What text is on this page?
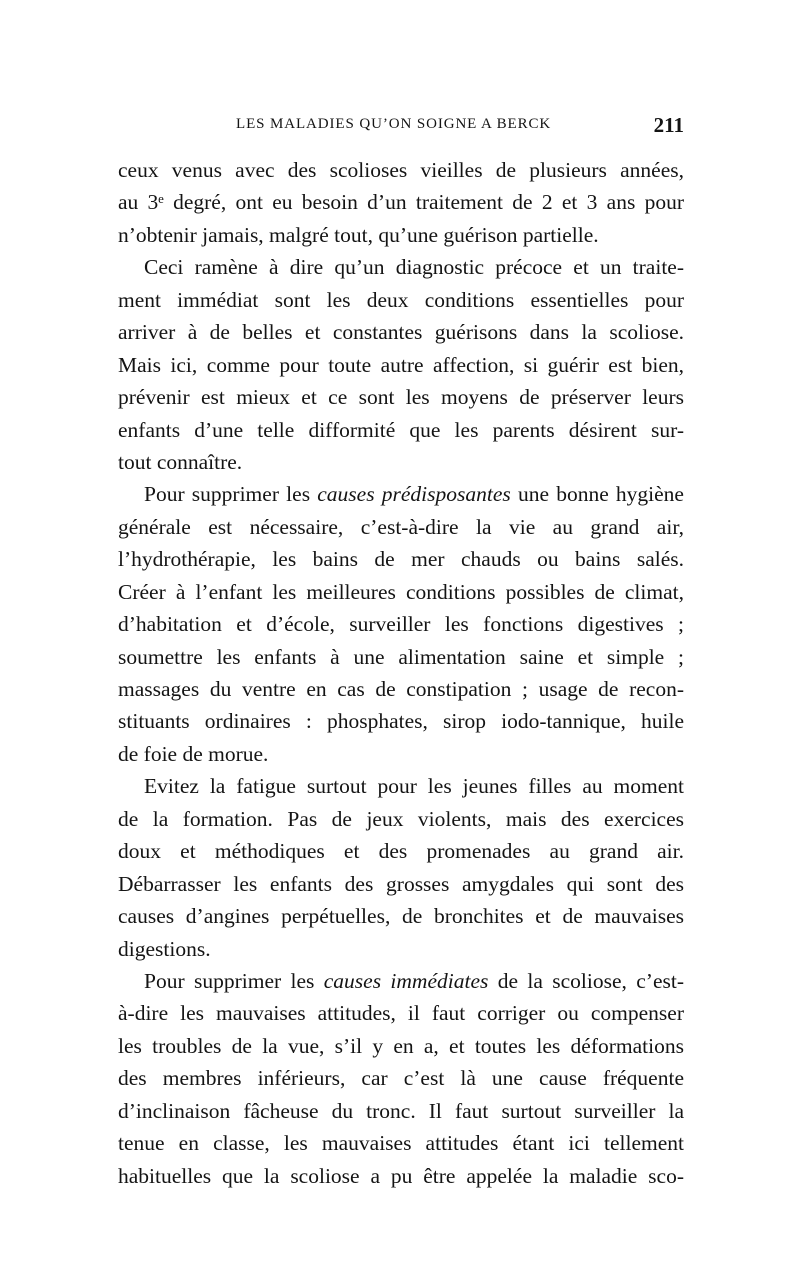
LES MALADIES QU’ON SOIGNE A BERCK	211
ceux venus avec des scolioses vieilles de plusieurs années,
au 3ᵉ degré, ont eu besoin d’un traitement de 2 et 3 ans pour
n’obtenir jamais, malgré tout, qu’une guérison partielle.
Ceci ramène à dire qu’un diagnostic précoce et un traite-
ment immédiat sont les deux conditions essentielles pour
arriver à de belles et constantes guérisons dans la scoliose.
Mais ici, comme pour toute autre affection, si guérir est bien,
prévenir est mieux et ce sont les moyens de préserver leurs
enfants d’une telle difformité que les parents désirent sur-
tout connaître.
Pour supprimer les causes prédisposantes une bonne hygiène
générale est nécessaire, c’est-à-dire la vie au grand air,
l’hydrothérapie, les bains de mer chauds ou bains salés.
Créer à l’enfant les meilleures conditions possibles de climat,
d’habitation et d’école, surveiller les fonctions digestives ;
soumettre les enfants à une alimentation saine et simple ;
massages du ventre en cas de constipation ; usage de recon-
stituants ordinaires : phosphates, sirop iodo-tannique, huile
de foie de morue.
Evitez la fatigue surtout pour les jeunes filles au moment
de la formation. Pas de jeux violents, mais des exercices
doux et méthodiques et des promenades au grand air.
Débarrasser les enfants des grosses amygdales qui sont des
causes d’angines perpétuelles, de bronchites et de mauvaises
digestions.
Pour supprimer les causes immédiates de la scoliose, c’est-
à-dire les mauvaises attitudes, il faut corriger ou compenser
les troubles de la vue, s’il y en a, et toutes les déformations
des membres inférieurs, car c’est là une cause fréquente
d’inclinaison fâcheuse du tronc. Il faut surtout surveiller la
tenue en classe, les mauvaises attitudes étant ici tellement
habituelles que la scoliose a pu être appelée la maladie sco-
